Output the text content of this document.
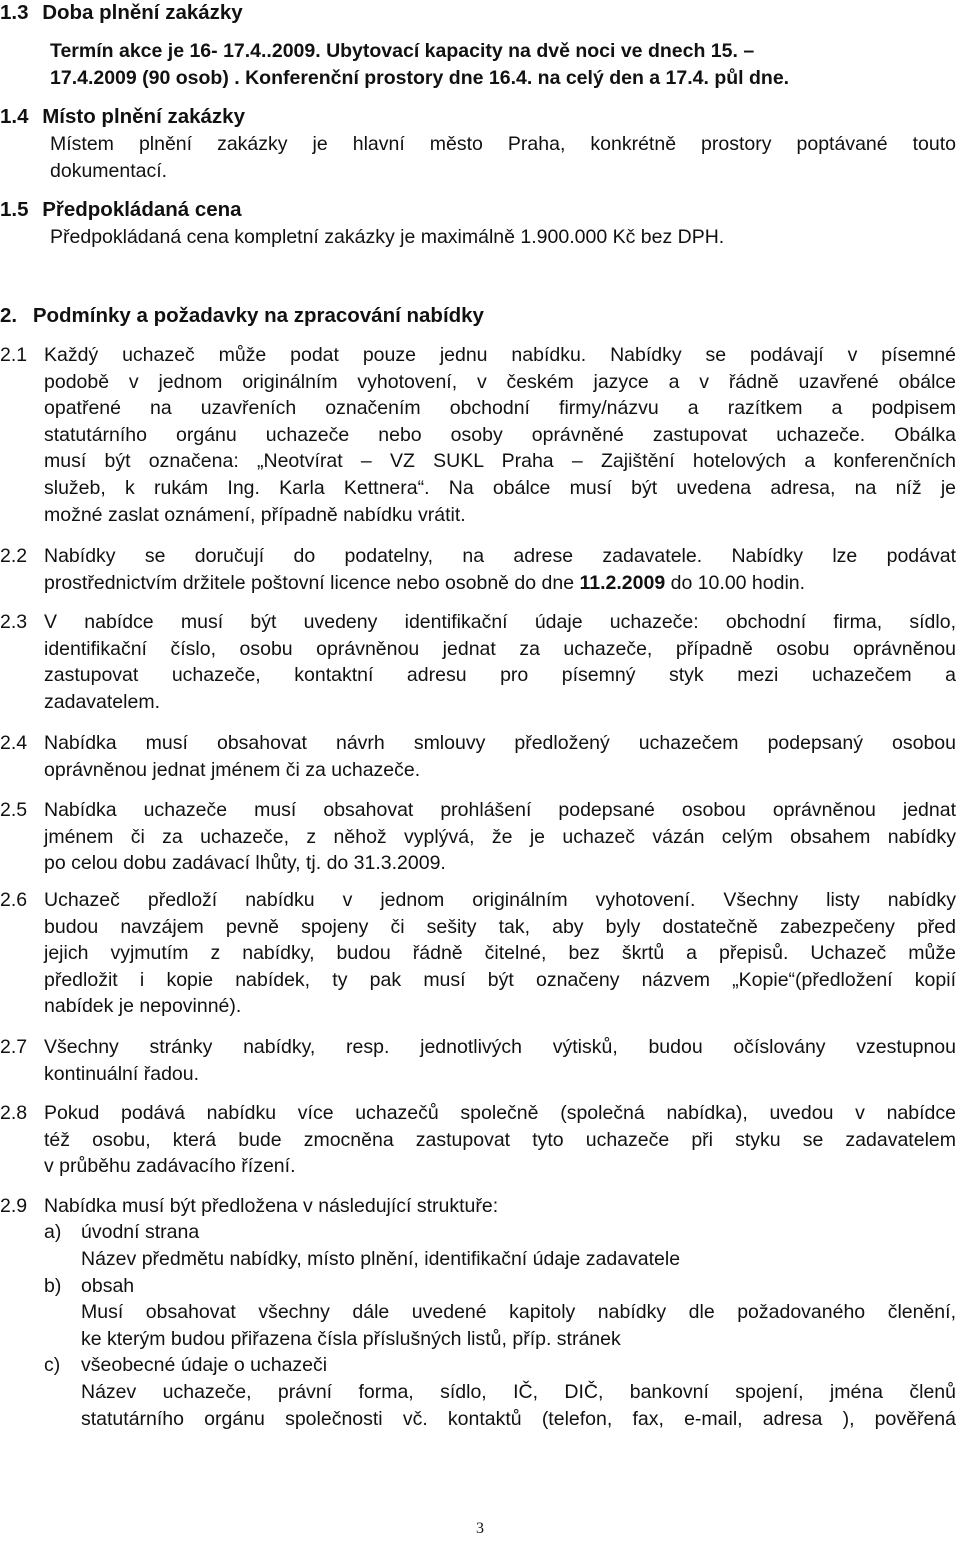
1.3 Doba plnění zakázky
Termín akce je 16- 17.4..2009. Ubytovací kapacity na dvě noci ve dnech 15. –
17.4.2009 (90 osob) . Konferenční prostory dne 16.4. na celý den a 17.4. půl dne.
1.4 Místo plnění zakázky
Místem plnění zakázky je hlavní město Praha, konkrétně prostory poptávané touto
dokumentací.
1.5 Předpokládaná cena
Předpokládaná cena kompletní zakázky je maximálně 1.900.000 Kč bez DPH.
2. Podmínky a požadavky na zpracování nabídky
2.1 Každý uchazeč může podat pouze jednu nabídku. Nabídky se podávají v písemné
podobě v jednom originálním vyhotovení, v českém jazyce a v řádně uzavřené obálce
opatřené na uzavřeních označením obchodní firmy/názvu a razítkem a podpisem
statutárního orgánu uchazeče nebo osoby oprávněné zastupovat uchazeče. Obálka
musí být označena: „Neotvírat – VZ SUKL Praha – Zajištění hotelových a konferenčních
služeb, k rukám Ing. Karla Kettnera“. Na obálce musí být uvedena adresa, na níž je
možné zaslat oznámení, případně nabídku vrátit.
2.2 Nabídky se doručují do podatelny, na adrese zadavatele. Nabídky lze podávat
prostřednictvím držitele poštovní licence nebo osobně do dne 11.2.2009 do 10.00 hodin.
2.3 V nabídce musí být uvedeny identifikační údaje uchazeče: obchodní firma, sídlo,
identifikační číslo, osobu oprávněnou jednat za uchazeče, případně osobu oprávněnou
zastupovat uchazeče, kontaktní adresu pro písemný styk mezi uchazečem a
zadavatelem.
2.4 Nabídka musí obsahovat návrh smlouvy předložený uchazečem podepsaný osobou
oprávněnou jednat jménem či za uchazeče.
2.5 Nabídka uchazeče musí obsahovat prohlášení podepsané osobou oprávněnou jednat
jménem či za uchazeče, z něhož vyplývá, že je uchazeč vázán celým obsahem nabídky
po celou dobu zadávací lhůty, tj. do 31.3.2009.
2.6 Uchazeč předloží nabídku v jednom originálním vyhotovení. Všechny listy nabídky
budou navzájem pevně spojeny či sešity tak, aby byly dostatečně zabezpečeny před
jejich vyjmutím z nabídky, budou řádně čitelné, bez škrtů a přepisů. Uchazeč může
předložit i kopie nabídek, ty pak musí být označeny názvem „Kopie“(předložení kopií
nabídek je nepovinné).
2.7 Všechny stránky nabídky, resp. jednotlivých výtisků, budou očíslovány vzestupnou
kontinuální řadou.
2.8 Pokud podává nabídku více uchazečů společně (společná nabídka), uvedou v nabídce
též osobu, která bude zmocněna zastupovat tyto uchazeče při styku se zadavatelem
v průběhu zadávacího řízení.
2.9 Nabídka musí být předložena v následující struktuře:
a) úvodní strana
Název předmětu nabídky, místo plnění, identifikační údaje zadavatele
b) obsah
Musí obsahovat všechny dále uvedené kapitoly nabídky dle požadovaného členění,
ke kterým budou přiřazena čísla příslušných listů, příp. stránek
c) všeobecné údaje o uchazeči
Název uchazeče, právní forma, sídlo, IČ, DIČ, bankovní spojení, jména členů
statutárního orgánu společnosti vč. kontaktů (telefon, fax, e-mail, adresa ), pověřená
3
